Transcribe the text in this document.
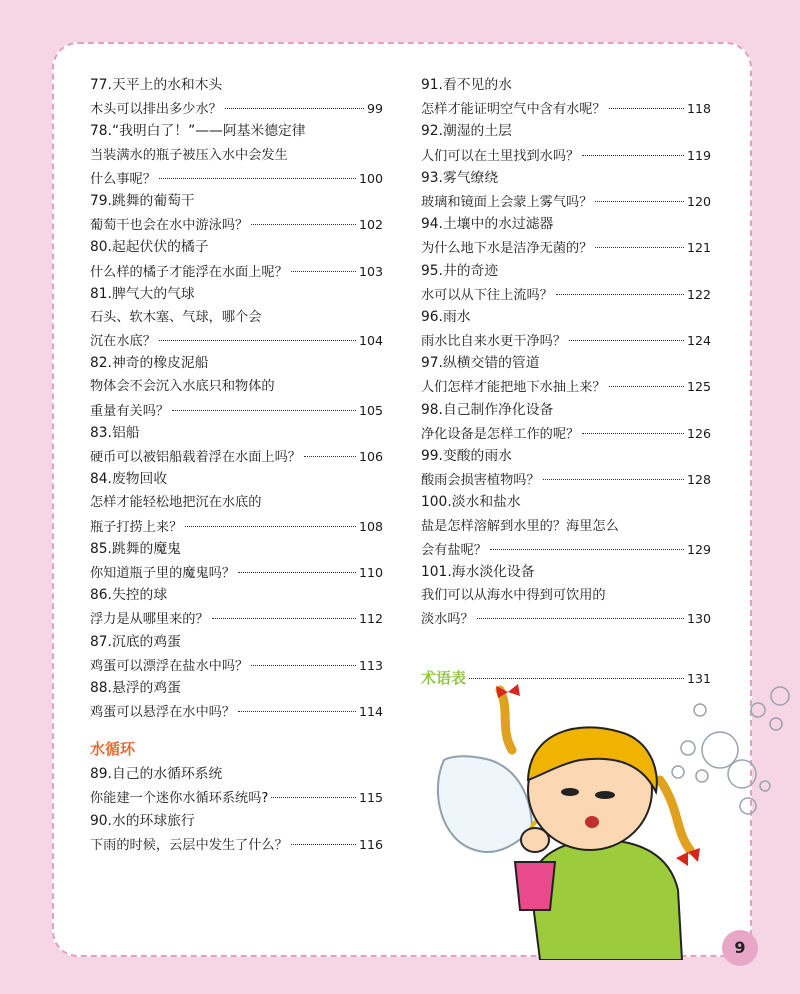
77.天平上的水和木头
木头可以排出多少水？	99
78.“我明白了！”——阿基米德定律
当装满水的瓶子被压入水中会发生
什么事呢？	100
79.跳舞的葡萄干
葡萄干也会在水中游泳吗？	102
80.起起伏伏的橘子
什么样的橘子才能浮在水面上呢？	103
81.脾气大的气球
石头、软木塞、气球，哪个会
沉在水底？	104
82.神奇的橡皮泥船
物体会不会沉入水底只和物体的
重量有关吗？	105
83.铝船
硬币可以被铝船载着浮在水面上吗？	106
84.废物回收
怎样才能轻松地把沉在水底的
瓶子打捞上来？	108
85.跳舞的魔鬼
你知道瓶子里的魔鬼吗？	110
86.失控的球
浮力是从哪里来的？	112
87.沉底的鸡蛋
鸡蛋可以漂浮在盐水中吗？	113
88.悬浮的鸡蛋
鸡蛋可以悬浮在水中吗？	114
水循环
89.自己的水循环系统
你能建一个迷你水循环系统吗?	115
90.水的环球旅行
下雨的时候，云层中发生了什么？	116
91.看不见的水
怎样才能证明空气中含有水呢？	118
92.潮湿的土层
人们可以在土里找到水吗？	119
93.雾气缭绕
玻璃和镜面上会蒙上雾气吗？	120
94.土壤中的水过滤器
为什么地下水是洁净无菌的？	121
95.井的奇迹
水可以从下往上流吗？	122
96.雨水
雨水比自来水更干净吗？	124
97.纵横交错的管道
人们怎样才能把地下水抽上来？	125
98.自己制作净化设备
净化设备是怎样工作的呢？	126
99.变酸的雨水
酸雨会损害植物吗？	128
100.淡水和盐水
盐是怎样溶解到水里的？海里怎么
会有盐呢？	129
101.海水淡化设备
我们可以从海水中得到可饮用的
淡水吗？	130
术语表	131
9
